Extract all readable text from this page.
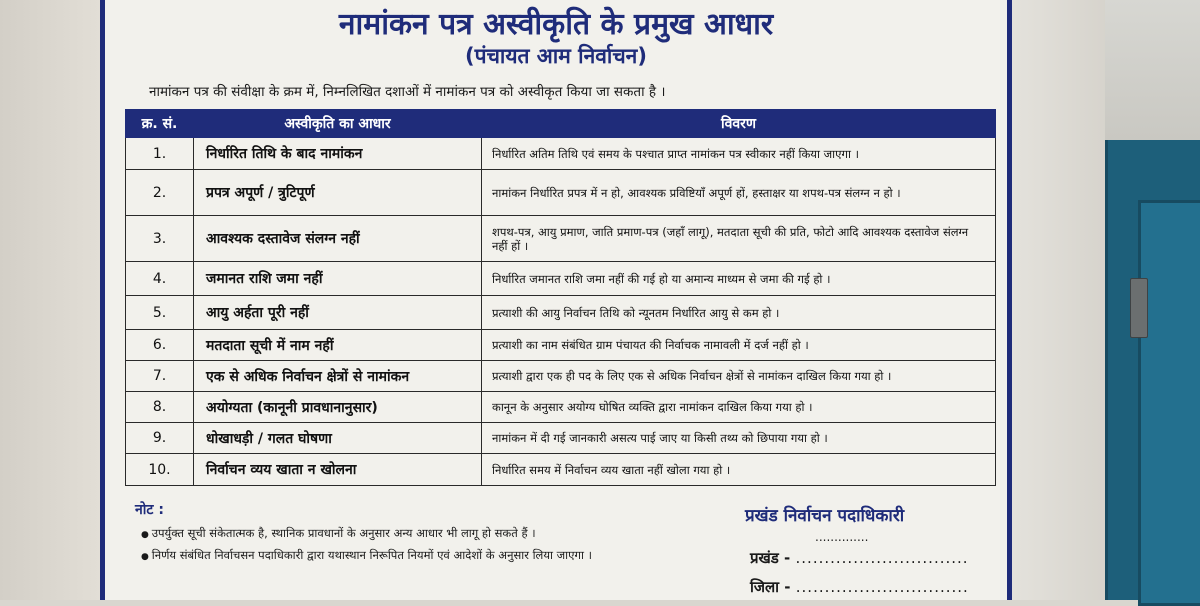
नामांकन पत्र अस्वीकृति के प्रमुख आधार
(पंचायत आम निर्वाचन)
नामांकन पत्र की संवीक्षा के क्रम में, निम्नलिखित दशाओं में नामांकन पत्र को अस्वीकृत किया जा सकता है ।
क्र. सं.	अस्वीकृति का आधार	विवरण
1.	निर्धारित तिथि के बाद नामांकन	निर्धारित अतिम तिथि एवं समय के पश्चात प्राप्त नामांकन पत्र स्वीकार नहीं किया जाएगा ।
2.	प्रपत्र अपूर्ण / त्रुटिपूर्ण	नामांकन निर्धारित प्रपत्र में न हो, आवश्यक प्रविष्टियाँ अपूर्ण हों, हस्ताक्षर या शपथ-पत्र संलग्न न हो ।
3.	आवश्यक दस्तावेज संलग्न नहीं	शपथ-पत्र, आयु प्रमाण, जाति प्रमाण-पत्र (जहाँ लागू), मतदाता सूची की प्रति, फोटो आदि आवश्यक दस्तावेज संलग्न नहीं हों ।
4.	जमानत राशि जमा नहीं	निर्धारित जमानत राशि जमा नहीं की गई हो या अमान्य माध्यम से जमा की गई हो ।
5.	आयु अर्हता पूरी नहीं	प्रत्याशी की आयु निर्वाचन तिथि को न्यूनतम निर्धारित आयु से कम हो ।
6.	मतदाता सूची में नाम नहीं	प्रत्याशी का नाम संबंधित ग्राम पंचायत की निर्वाचक नामावली में दर्ज नहीं हो ।
7.	एक से अधिक निर्वाचन क्षेत्रों से नामांकन	प्रत्याशी द्वारा एक ही पद के लिए एक से अधिक निर्वाचन क्षेत्रों से नामांकन दाखिल किया गया हो ।
8.	अयोग्यता (कानूनी प्रावधानानुसार)	कानून के अनुसार अयोग्य घोषित व्यक्ति द्वारा नामांकन दाखिल किया गया हो ।
9.	धोखाधड़ी / गलत घोषणा	नामांकन में दी गई जानकारी असत्य पाई जाए या किसी तथ्य को छिपाया गया हो ।
10.	निर्वाचन व्यय खाता न खोलना	निर्धारित समय में निर्वाचन व्यय खाता नहीं खोला गया हो ।
नोट :
● उपर्युक्त सूची संकेतात्मक है, स्थानिक प्रावधानों के अनुसार अन्य आधार भी लागू हो सकते हैं ।
● निर्णय संबंधित निर्वाचसन पदाधिकारी द्वारा यथास्थान निरूपित नियमों एवं आदेशों के अनुसार लिया जाएगा ।
प्रखंड निर्वाचन पदाधिकारी
..............
प्रखंड - ..............................
जिला - ..............................
